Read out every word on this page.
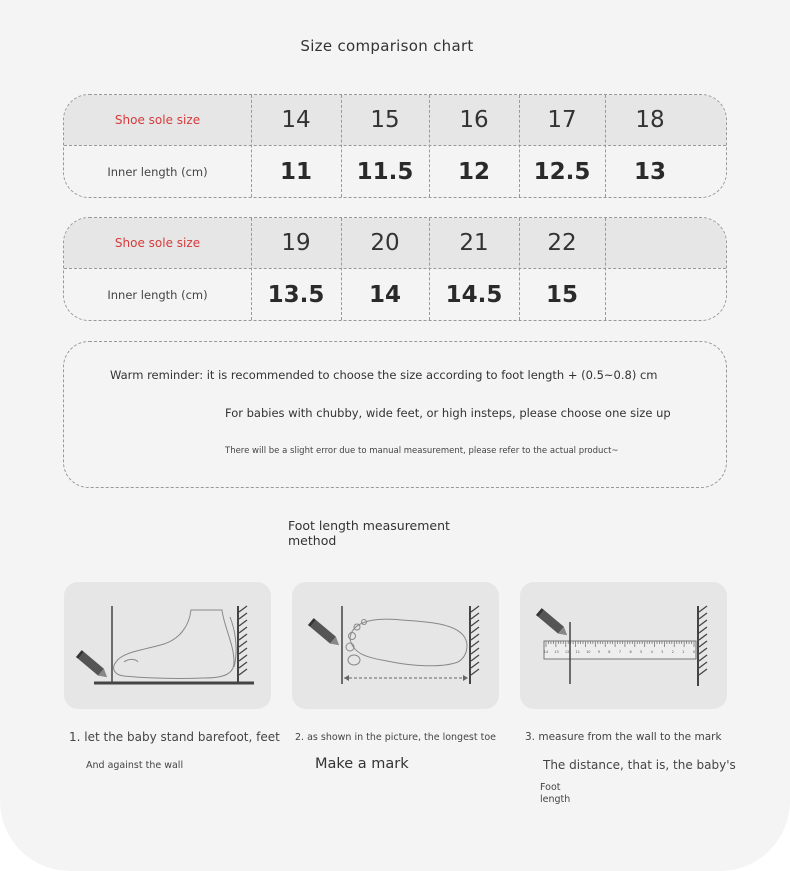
Size comparison chart
Shoe sole size	14	15	16	17	18
Inner length (cm)	11 11.5 12 12.5 13
Shoe sole size	19	20	21	22
Inner length (cm)	13.5 14 14.5 15
Warm reminder: it is recommended to choose the size according to foot length + (0.5~0.8) cm
For babies with chubby, wide feet, or high insteps, please choose one size up
There will be a slight error due to manual measurement, please refer to the actual product~
Foot length measurement method
14 13 12 11 10 9 8 7 6 5 4 3 2 1 0
1. let the baby stand barefoot, feet
And against the wall
2. as shown in the picture, the longest toe
Make a mark
3. measure from the wall to the mark
The distance, that is, the baby's
Foot
length
